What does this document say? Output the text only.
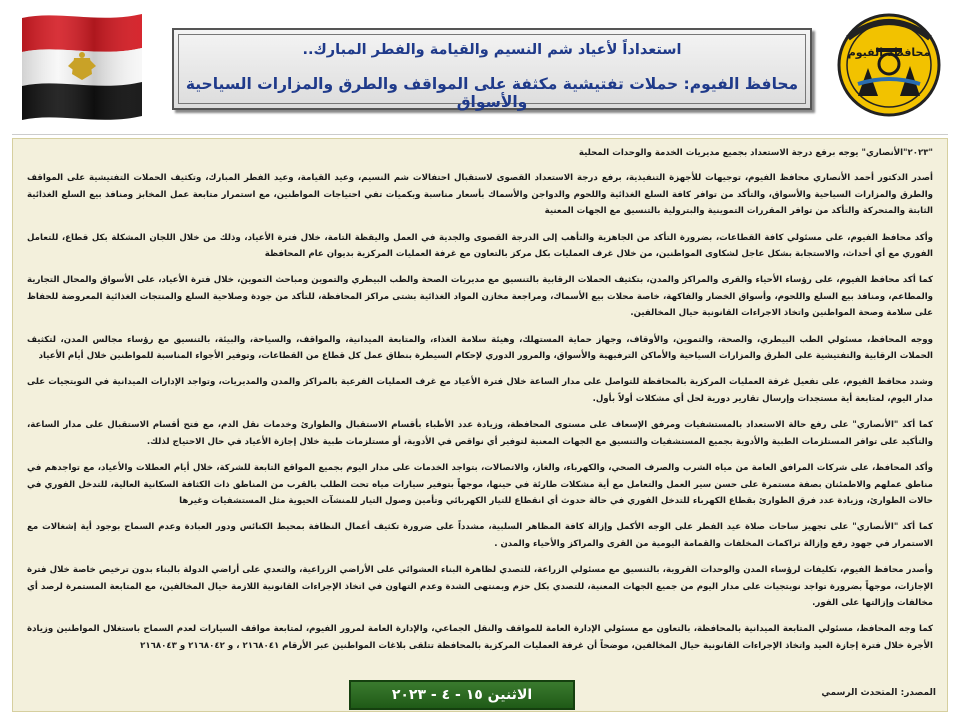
محافظة الفيوم
استعداداً لأعياد شم النسيم والقيامة والفطر المبارك..
محافظ الفيوم: حملات تفتيشية مكثفة على المواقف والطرق والمزارات السياحية والأسواق

"٢٠٢٣"الأنصاري" يوجه برفع درجة الاستعداد بجميع مديريات الخدمة والوحدات المحلية

أصدر الدكتور أحمد الأنصاري محافظ الفيوم، توجيهات للأجهزة التنفيذية، برفع درجة الاستعداد القصوى لاستقبال احتفالات شم النسيم، وعيد القيامة، وعيد الفطر المبارك، وتكثيف الحملات التفتيشية على المواقف والطرق والمزارات السياحية والأسواق، والتأكد من توافر كافة السلع الغذائية واللحوم والدواجن والأسماك بأسعار مناسبة وبكميات تفي احتياجات المواطنين، مع استمرار متابعة عمل المخابز ومنافذ بيع السلع الغذائية الثابتة والمتحركة والتأكد من توافر المقررات التموينية والبترولية بالتنسيق مع الجهات المعنية

وأكد محافظ الفيوم، على مسئولي كافة القطاعات، بضرورة التأكد من الجاهزية والتأهب إلى الدرجة القصوى والجدية في العمل واليقظة التامة، خلال فترة الأعياد، وذلك من خلال اللجان المشكلة بكل قطاع، للتعامل الفوري مع أي أحداث، والاستجابة بشكل عاجل لشكاوى المواطنين، من خلال غرف العمليات بكل مركز بالتعاون مع غرفة العمليات المركزية بديوان عام المحافظة

كما أكد محافظ الفيوم، على رؤساء الأحياء والقرى والمراكز والمدن، بتكثيف الحملات الرقابية بالتنسيق مع مديريات الصحة والطب البيطري والتموين ومباحث التموين، خلال فترة الأعياد، على الأسواق والمحال التجارية والمطاعم، ومنافذ بيع السلع واللحوم، وأسواق الخضار والفاكهة، خاصة محلات بيع الأسماك، ومراجعة مخازن المواد الغذائية بشتى مراكز المحافظة، للتأكد من جودة وصلاحية السلع والمنتجات الغذائية المعروضة للحفاظ على سلامة وصحة المواطنين واتخاذ الاجراءات القانونية حيال المخالفين.

ووجه المحافظ، مسئولي الطب البيطري، والصحة، والتموين، والأوقاف، وجهاز حماية المستهلك، وهيئة سلامة الغذاء، والمتابعة الميدانية، والمواقف، والسياحة، والبيئة، بالتنسيق مع رؤساء مجالس المدن، لتكثيف الحملات الرقابية والتفتيشية على الطرق والمزارات السياحية والأماكن الترفيهية والأسواق، والمرور الدوري لإحكام السيطرة بنطاق عمل كل قطاع من القطاعات، وتوفير الأجواء المناسبة للمواطنين خلال أيام الأعياد

وشدد محافظ الفيوم، على تفعيل غرفة العمليات المركزية بالمحافظة للتواصل على مدار الساعة خلال فترة الأعياد مع غرف العمليات الفرعية بالمراكز والمدن والمديريات، وتواجد الإدارات الميدانية في النوبتجيات على مدار اليوم، لمتابعة أية مستجدات وإرسال تقارير دورية لحل أي مشكلات أولاً بأول.

كما أكد "الأنصاري" على رفع حالة الاستعداد بالمستشفيات ومرفق الإسعاف على مستوى المحافظة، وزيادة عدد الأطباء بأقسام الاستقبال والطوارئ وخدمات نقل الدم، مع فتح أقسام الاستقبال على مدار الساعة، والتأكيد على توافر المستلزمات الطبية والأدوية بجميع المستشفيات والتنسيق مع الجهات المعنية لتوفير أي نواقص في الأدوية، أو مستلزمات طبية خلال إجازة الأعياد في حال الاحتياج لذلك.

وأكد المحافظ، على شركات المرافق العامة من مياه الشرب والصرف الصحي، والكهرباء، والغاز، والاتصالات، بتواجد الخدمات على مدار اليوم بجميع المواقع التابعة للشركة، خلال أيام العطلات والأعياد، مع تواجدهم في مناطق عملهم والاطمئنان بصفة مستمرة على حسن سير العمل والتعامل مع أية مشكلات طارئة في حينها، موجهاً بتوفير سيارات مياه تحت الطلب بالقرب من المناطق ذات الكثافة السكانية العالية، للتدخل الفوري في حالات الطوارئ، وزيادة عدد فرق الطوارئ بقطاع الكهرباء للتدخل الفوري في حالة حدوث أي انقطاع للتيار الكهربائي وتأمين وصول التيار للمنشآت الحيوية مثل المستشفيات وغيرها

كما أكد "الأنصاري" على تجهيز ساحات صلاة عيد الفطر على الوجه الأكمل وإزالة كافة المظاهر السلبية، مشدداً على ضرورة تكثيف أعمال النظافة بمحيط الكنائس ودور العبادة وعدم السماح بوجود أية إشغالات مع الاستمرار في جهود رفع وإزالة تراكمات المخلفات والقمامة اليومية من القرى والمراكز والأحياء والمدن .

وأصدر محافظ الفيوم، تكليفات لرؤساء المدن والوحدات القروية، بالتنسيق مع مسئولي الزراعة، للتصدي لظاهرة البناء العشوائي على الأراضي الزراعية، والتعدي على أراضي الدولة بالبناء بدون ترخيص خاصة خلال فترة الإجازات، موجهاً بضرورة تواجد نوبتجيات على مدار اليوم من جميع الجهات المعنية، للتصدي بكل حزم وبمنتهى الشدة وعدم التهاون في اتخاذ الإجراءات القانونية اللازمة حيال المخالفين، مع المتابعة المستمرة لرصد أي مخالفات وإزالتها على الفور.

كما وجه المحافظ، مسئولي المتابعة الميدانية بالمحافظة، بالتعاون مع مسئولي الإدارة العامة للمواقف والنقل الجماعي، والإدارة العامة لمرور الفيوم، لمتابعة مواقف السيارات لعدم السماح باستغلال المواطنين وزيادة الأجرة خلال فترة إجازة العيد واتخاذ الإجراءات القانونية حيال المخالفين، موضحاً أن غرفة العمليات المركزية بالمحافظة تتلقى بلاغات المواطنين عبر الأرقام ٢١٦٨٠٤١ ، و ٢١٦٨٠٤٢ و ٢١٦٨٠٤٣

الاثنين ١٥ - ٤ - ٢٠٢٣	المصدر: المتحدث الرسمي
